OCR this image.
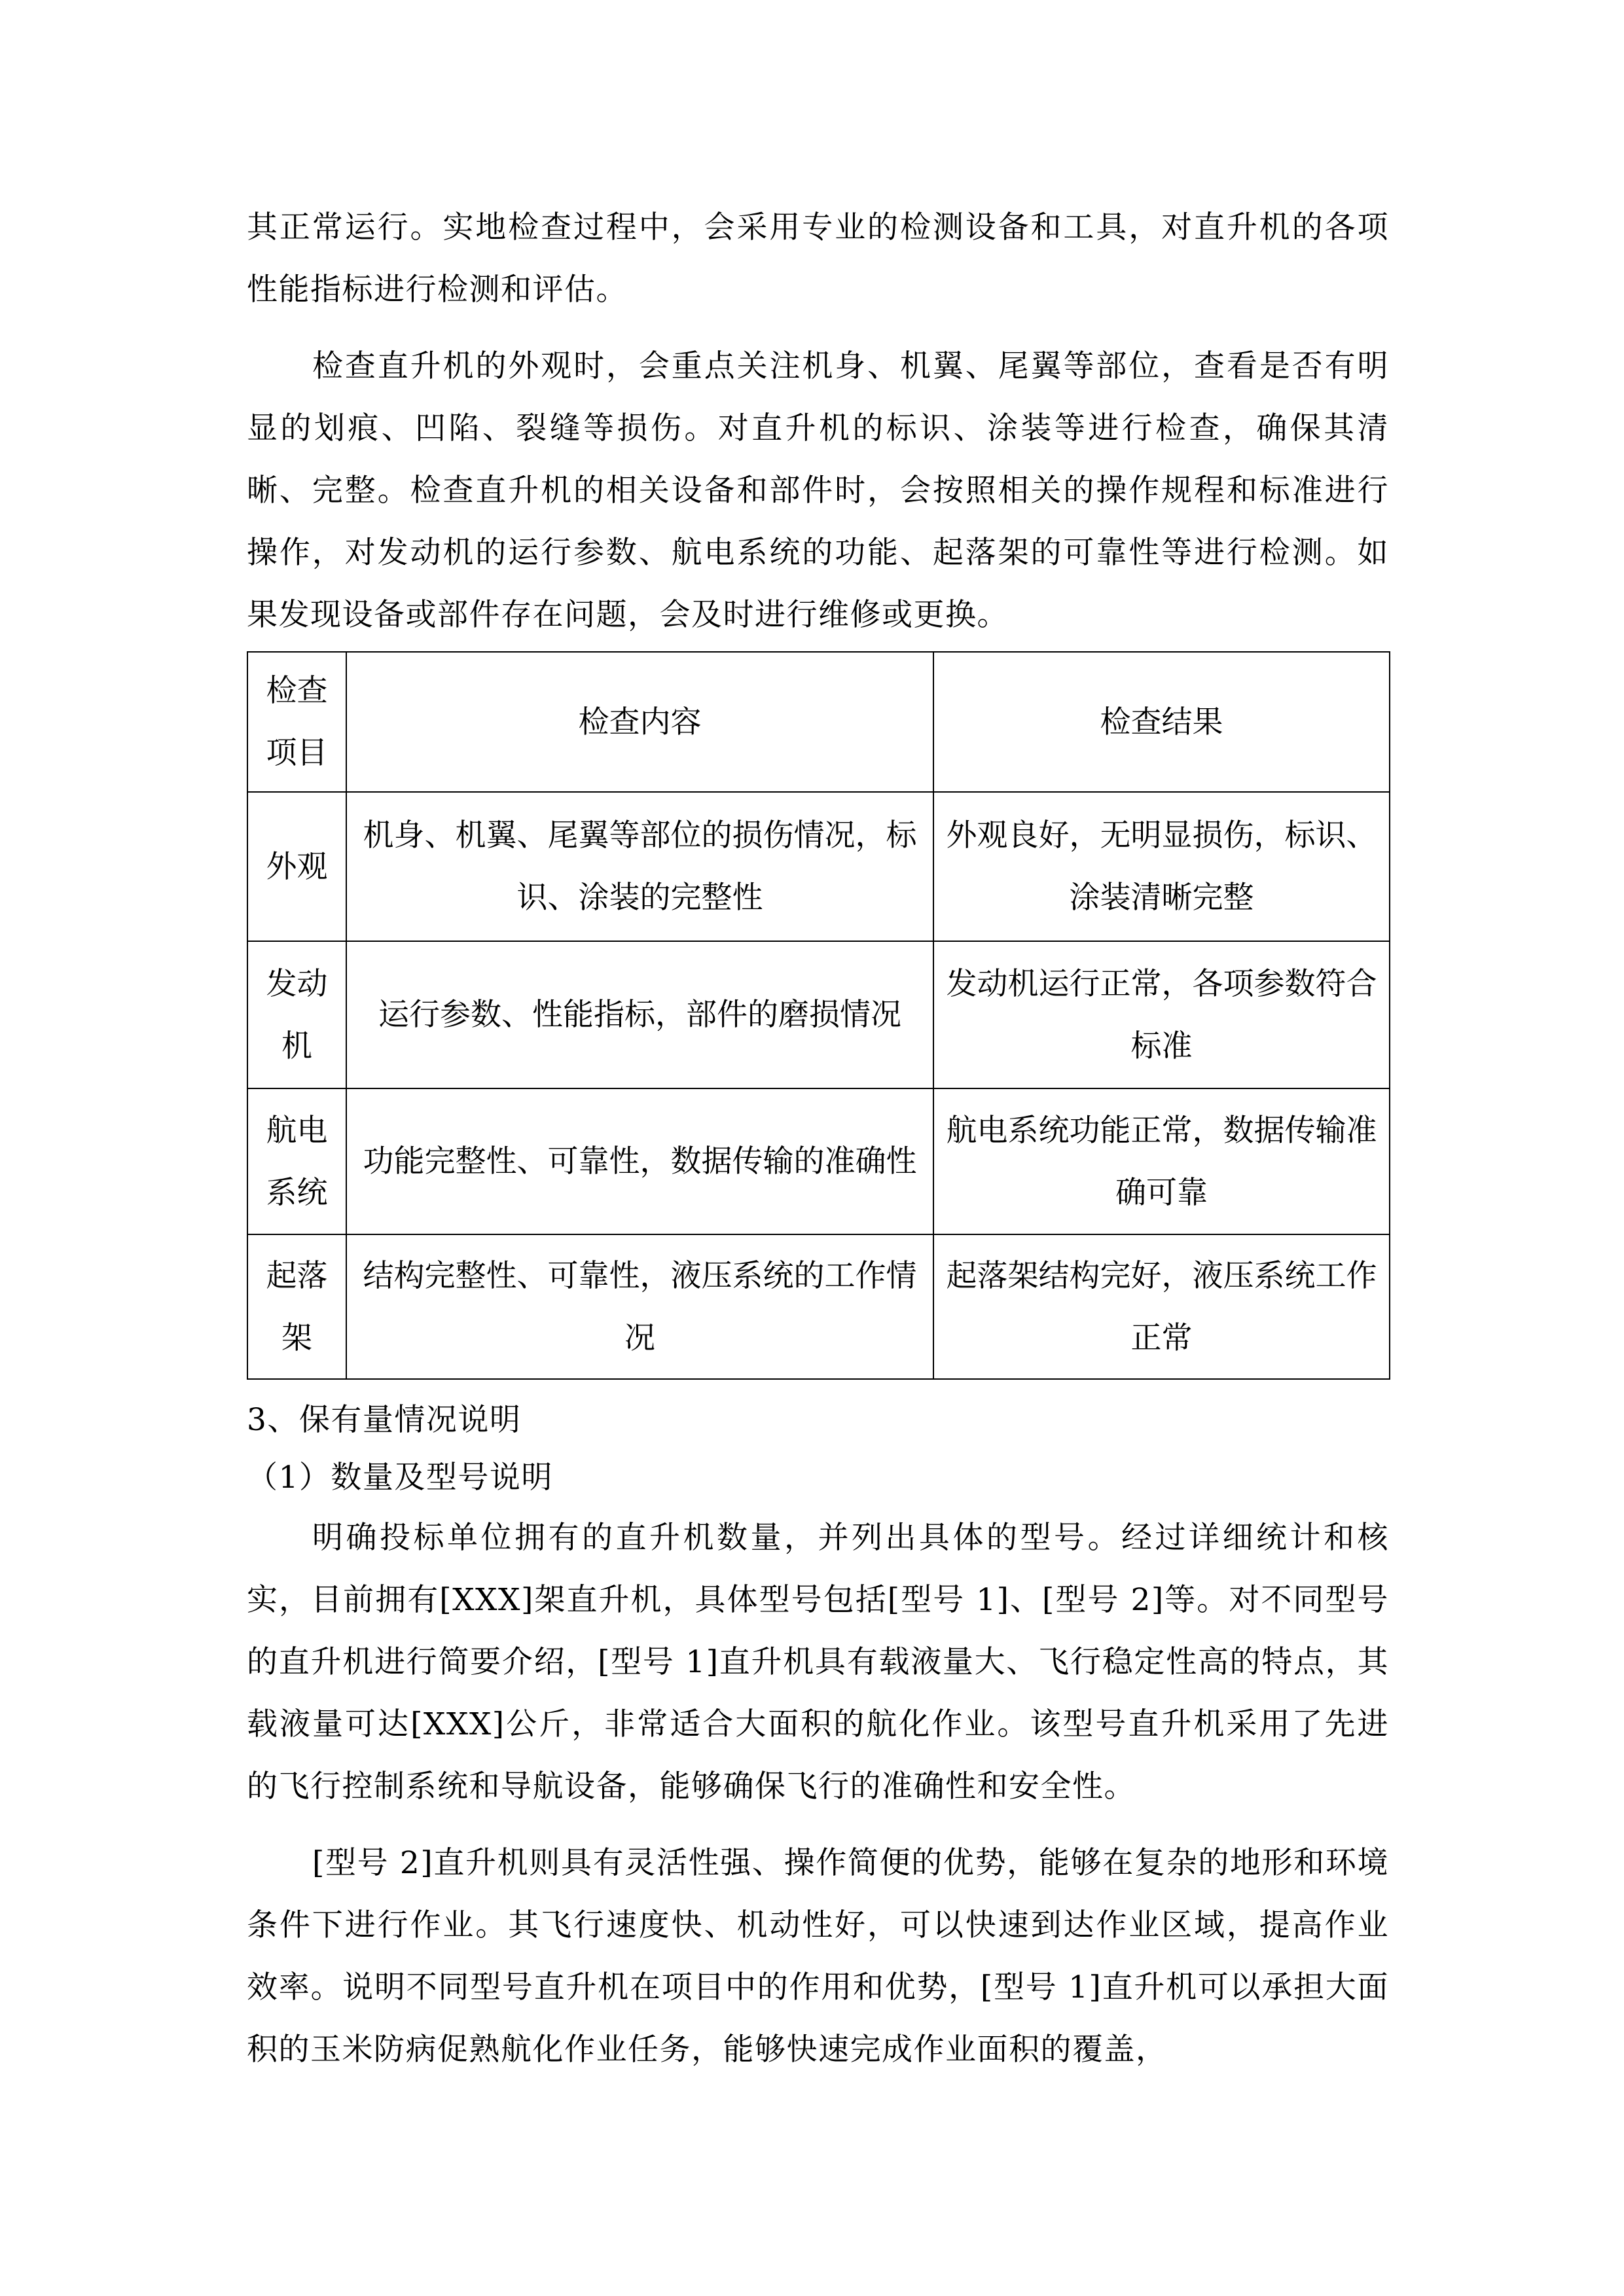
其正常运行。实地检查过程中，会采用专业的检测设备和工具，对直升机的各项性能指标进行检测和评估。

检查直升机的外观时，会重点关注机身、机翼、尾翼等部位，查看是否有明显的划痕、凹陷、裂缝等损伤。对直升机的标识、涂装等进行检查，确保其清晰、完整。检查直升机的相关设备和部件时，会按照相关的操作规程和标准进行操作，对发动机的运行参数、航电系统的功能、起落架的可靠性等进行检测。如果发现设备或部件存在问题，会及时进行维修或更换。

检查项目	检查内容	检查结果
外观	机身、机翼、尾翼等部位的损伤情况，标识、涂装的完整性	外观良好，无明显损伤，标识、涂装清晰完整
发动机	运行参数、性能指标，部件的磨损情况	发动机运行正常，各项参数符合标准
航电系统	功能完整性、可靠性，数据传输的准确性	航电系统功能正常，数据传输准确可靠
起落架	结构完整性、可靠性，液压系统的工作情况	起落架结构完好，液压系统工作正常

3、保有量情况说明

（1）数量及型号说明

明确投标单位拥有的直升机数量，并列出具体的型号。经过详细统计和核实，目前拥有[XXX]架直升机，具体型号包括[型号 1]、[型号 2]等。对不同型号的直升机进行简要介绍，[型号 1]直升机具有载液量大、飞行稳定性高的特点，其载液量可达[XXX]公斤，非常适合大面积的航化作业。该型号直升机采用了先进的飞行控制系统和导航设备，能够确保飞行的准确性和安全性。

[型号 2]直升机则具有灵活性强、操作简便的优势，能够在复杂的地形和环境条件下进行作业。其飞行速度快、机动性好，可以快速到达作业区域，提高作业效率。说明不同型号直升机在项目中的作用和优势，[型号 1]直升机可以承担大面积的玉米防病促熟航化作业任务，能够快速完成作业面积的覆盖，
